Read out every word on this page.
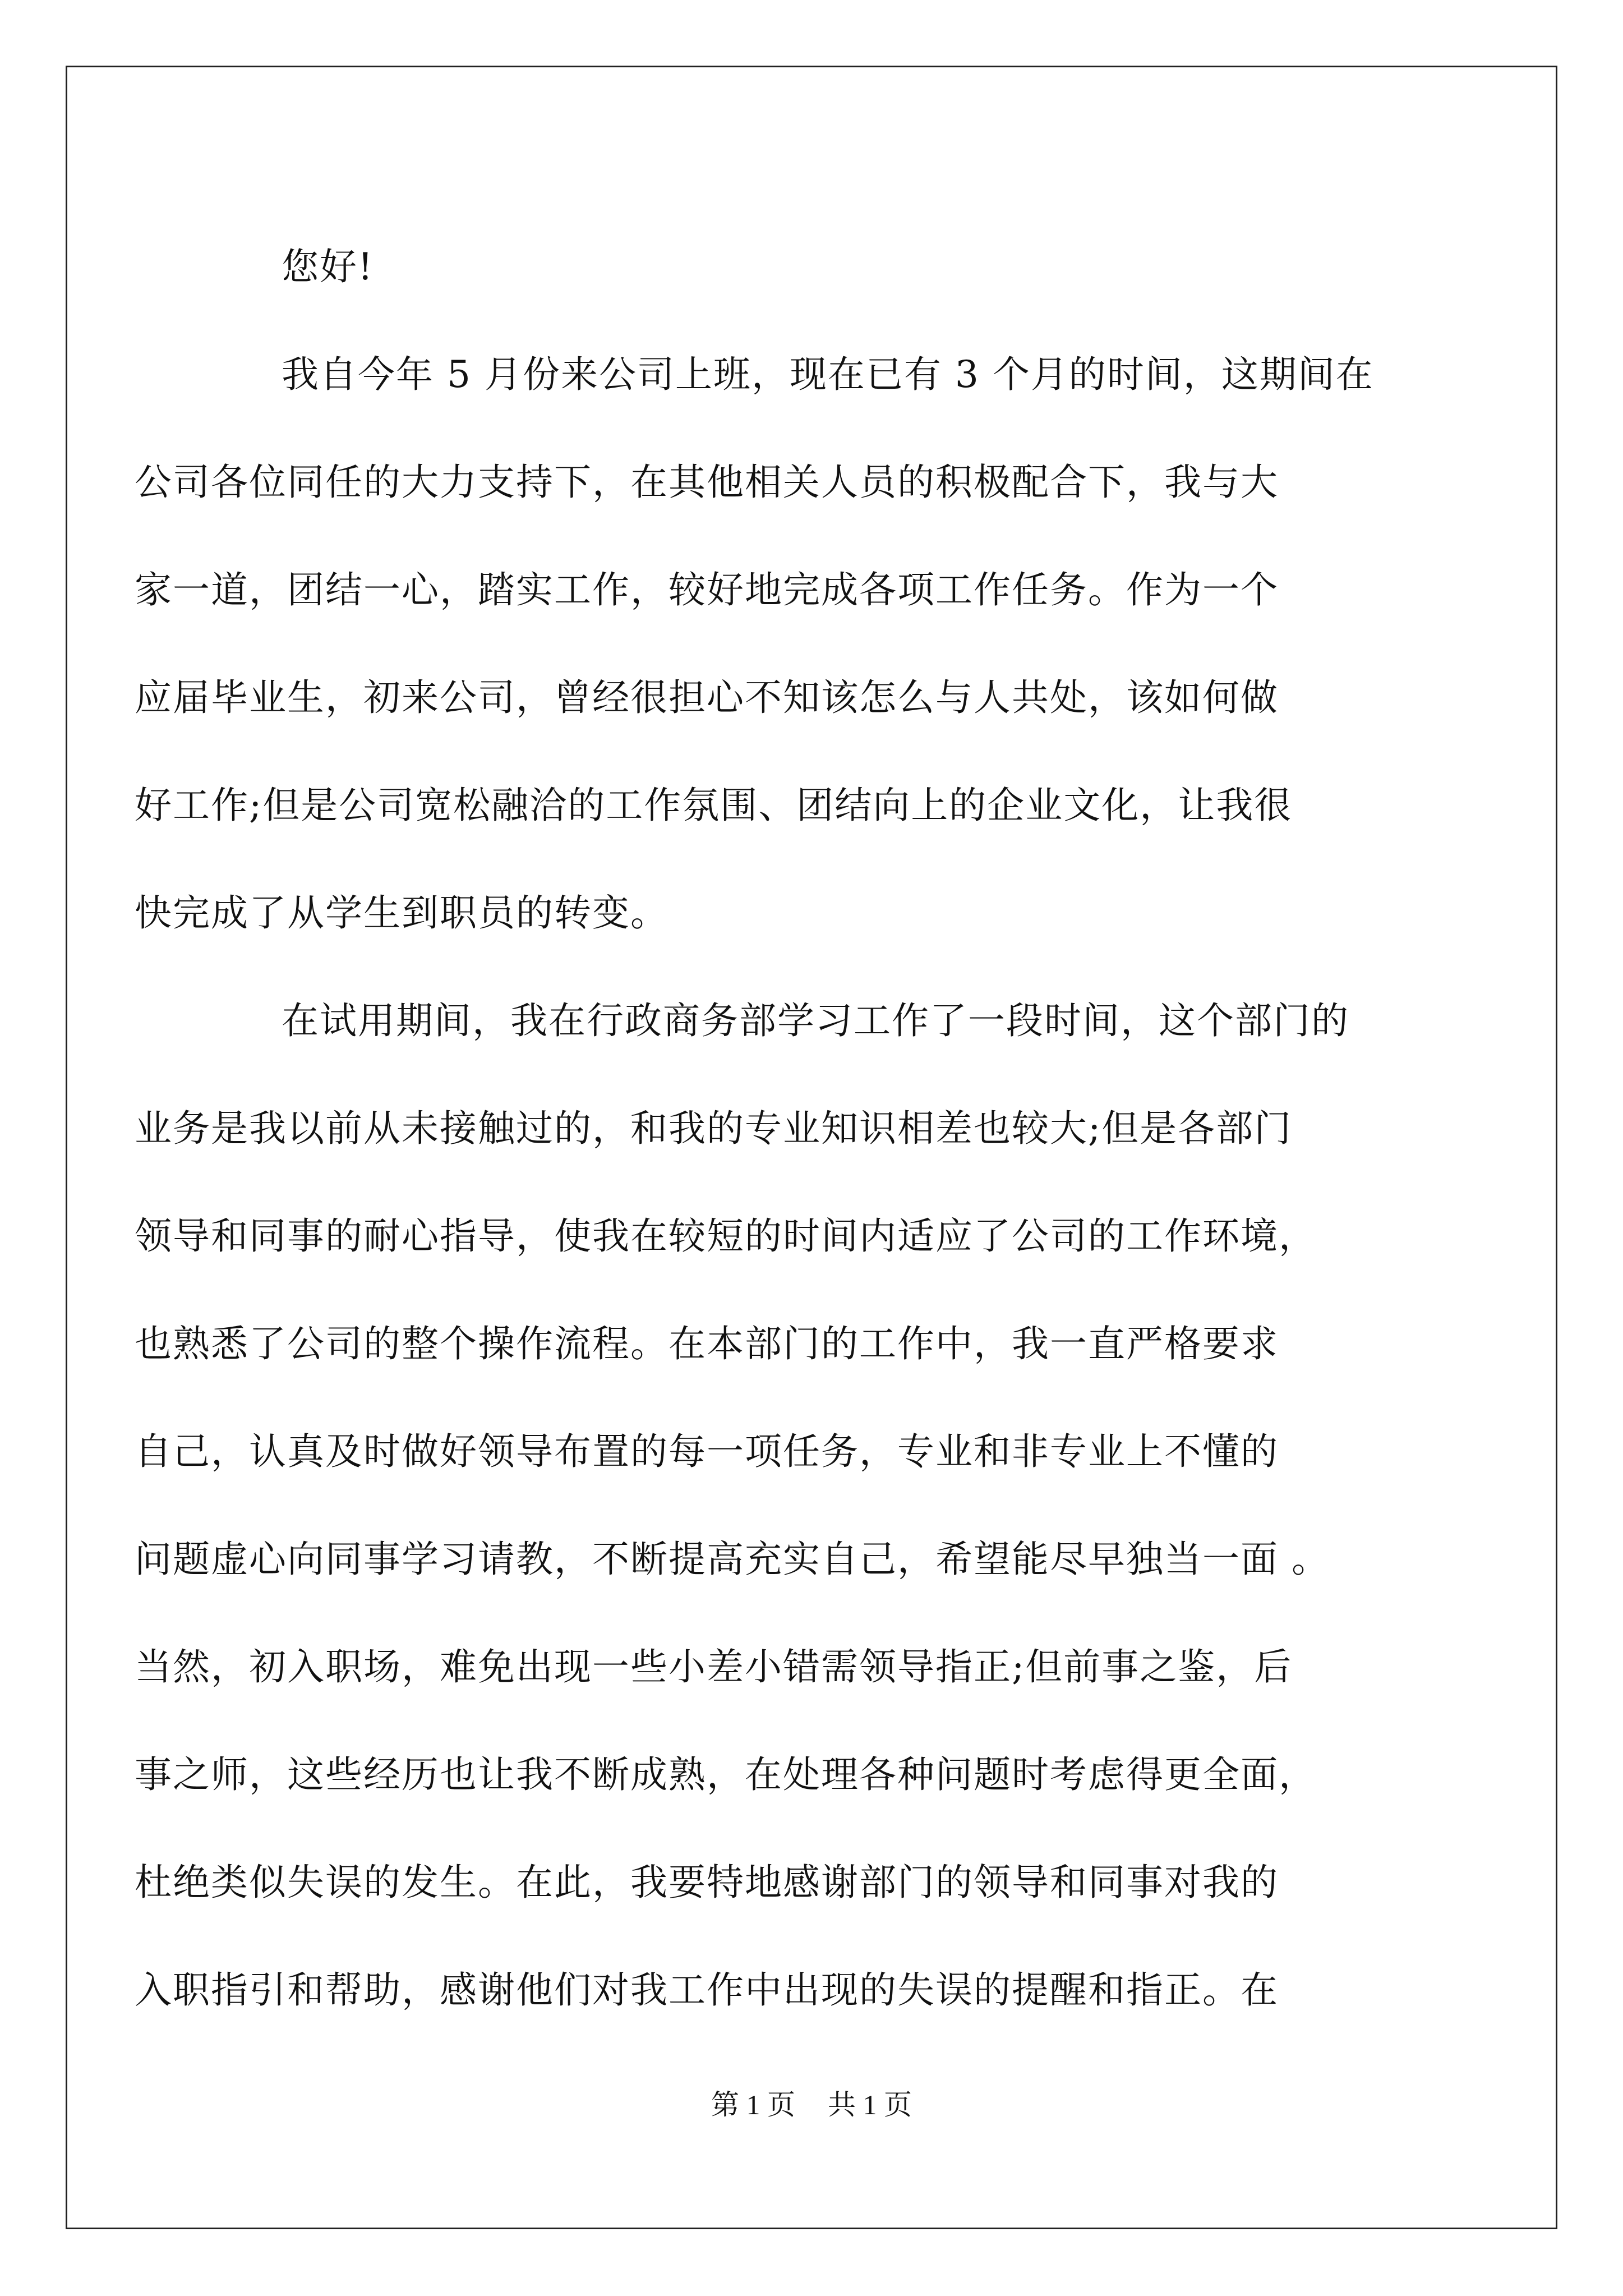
您好!
我自今年 5 月份来公司上班，现在已有 3 个月的时间，这期间在
公司各位同任的大力支持下，在其他相关人员的积极配合下，我与大
家一道，团结一心，踏实工作，较好地完成各项工作任务。作为一个
应届毕业生，初来公司，曾经很担心不知该怎么与人共处，该如何做
好工作;但是公司宽松融洽的工作氛围、团结向上的企业文化，让我很
快完成了从学生到职员的转变。
在试用期间，我在行政商务部学习工作了一段时间，这个部门的
业务是我以前从未接触过的，和我的专业知识相差也较大;但是各部门
领导和同事的耐心指导，使我在较短的时间内适应了公司的工作环境，
也熟悉了公司的整个操作流程。在本部门的工作中，我一直严格要求
自己，认真及时做好领导布置的每一项任务，专业和非专业上不懂的
问题虚心向同事学习请教，不断提高充实自己，希望能尽早独当一面 。
当然，初入职场，难免出现一些小差小错需领导指正;但前事之鉴，后
事之师，这些经历也让我不断成熟，在处理各种问题时考虑得更全面，
杜绝类似失误的发生。在此，我要特地感谢部门的领导和同事对我的
入职指引和帮助，感谢他们对我工作中出现的失误的提醒和指正。在
第 1 页 共 1 页
